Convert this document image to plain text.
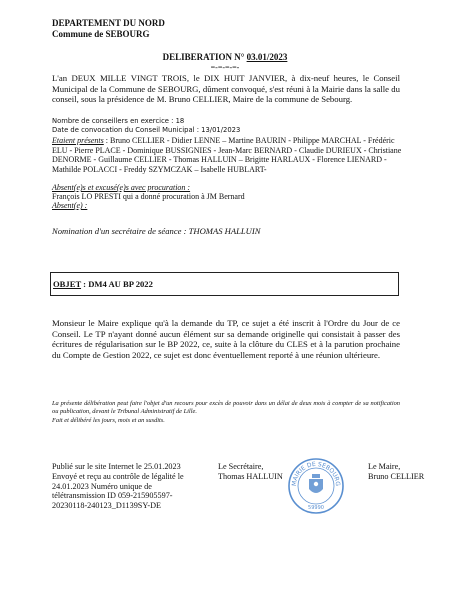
DEPARTEMENT DU NORD
Commune de SEBOURG
DELIBERATION N° 03.01/2023
=-=-=-=-
L'an DEUX MILLE VINGT TROIS, le DIX HUIT JANVIER, à dix-neuf heures, le Conseil Municipal de la Commune de SEBOURG, dûment convoqué, s'est réuni à la Mairie dans la salle du conseil, sous la présidence de M. Bruno CELLIER, Maire de la commune de Sebourg.
Nombre de conseillers en exercice : 18
Date de convocation du Conseil Municipal : 13/01/2023
Etaient présents : Bruno CELLIER - Didier LENNE – Martine BAURIN - Philippe MARCHAL - Frédéric ELU - Pierre PLACE - Dominique BUSSIGNIES - Jean-Marc BERNARD - Claudie DURIEUX - Christiane DENORME - Guillaume CELLIER - Thomas HALLUIN – Brigitte HARLAUX - Florence LIENARD - Mathilde POLACCI - Freddy SZYMCZAK – Isabelle HUBLART-
Absent(e)s et excusé(e)s avec procuration :
François LO PRESTI qui a donné procuration à JM Bernard
Absent(e) :
Nomination d'un secrétaire de séance : THOMAS HALLUIN
OBJET : DM4 AU BP 2022
Monsieur le Maire explique qu'à la demande du TP, ce sujet a été inscrit à l'Ordre du Jour de ce Conseil. Le TP n'ayant donné aucun élément sur sa demande originelle qui consistait à passer des écritures de régularisation sur le BP 2022, ce, suite à la clôture du CLES et à la parution prochaine du Compte de Gestion 2022, ce sujet est donc éventuellement reporté à une réunion ultérieure.
La présente délibération peut faire l'objet d'un recours pour excès de pouvoir dans un délai de deux mois à compter de sa notification ou publication, devant le Tribunal Administratif de Lille.
Fait et délibéré les jours, mois et an susdits.
Publié sur le site Internet le 25.01.2023 Envoyé et reçu au contrôle de légalité le 24.01.2023 Numéro unique de télétransmission ID 059-215905597-20230118-240123_D1139SY-DE
Le Secrétaire,
Thomas HALLUIN
Le Maire,
Bruno CELLIER
MAIRIE DE SEBOURG
59990
